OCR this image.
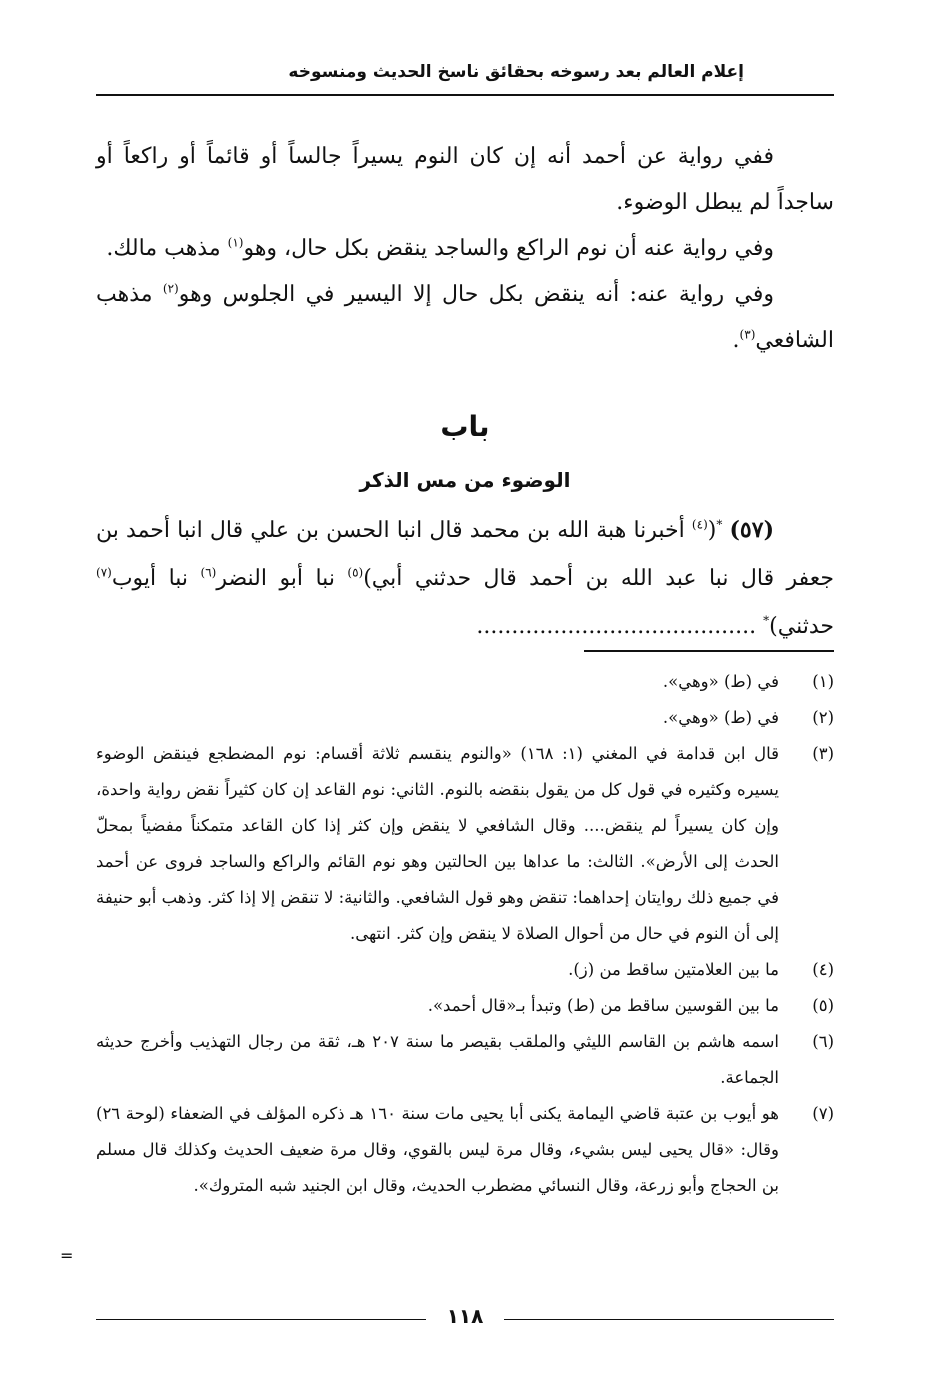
إعلام العالم بعد رسوخه بحقائق ناسخ الحديث ومنسوخه

ففي رواية عن أحمد أنه إن كان النوم يسيراً جالساً أو قائماً أو راكعاً أو ساجداً لم يبطل الوضوء.

وفي رواية عنه أن نوم الراكع والساجد ينقض بكل حال، وهو$^{(١)}$ مذهب مالك.

وفي رواية عنه: أنه ينقض بكل حال إلا اليسير في الجلوس وهو$^{(٢)}$ مذهب الشافعي$^{(٣)}$.

باب
الوضوء من مس الذكر

(٥٧) *($^{(٤)}$ أخبرنا هبة الله بن محمد قال انبا الحسن بن علي قال انبا أحمد بن جعفر قال نبا عبد الله بن أحمد قال حدثني أبي)$^{(٥)}$ نبا أبو النضر$^{(٦)}$ نبا أيوب$^{(٧)}$ حدثني)* ........................................

(١)
في (ط) «وهي».
(٢)
في (ط) «وهي».
(٣)
قال ابن قدامة في المغني (١: ١٦٨) «والنوم ينقسم ثلاثة أقسام: نوم المضطجع فينقض الوضوء يسيره وكثيره في قول كل من يقول بنقضه بالنوم. الثاني: نوم القاعد إن كان كثيراً نقض رواية واحدة، وإن كان يسيراً لم ينقض.... وقال الشافعي لا ينقض وإن كثر إذا كان القاعد متمكناً مفضياً بمحلّ الحدث إلى الأرض». الثالث: ما عداها بين الحالتين وهو نوم القائم والراكع والساجد فروى عن أحمد في جميع ذلك روايتان إحداهما: تنقض وهو قول الشافعي. والثانية: لا تنقض إلا إذا كثر. وذهب أبو حنيفة إلى أن النوم في حال من أحوال الصلاة لا ينقض وإن كثر. انتهى.
(٤)
ما بين العلامتين ساقط من (ز).
(٥)
ما بين القوسين ساقط من (ط) وتبدأ بـ«قال أحمد».
(٦)
اسمه هاشم بن القاسم الليثي والملقب بقيصر ما سنة ٢٠٧ هـ، ثقة من رجال التهذيب وأخرج حديثه الجماعة.
(٧)
هو أيوب بن عتبة قاضي اليمامة يكنى أبا يحيى مات سنة ١٦٠ هـ ذكره المؤلف في الضعفاء (لوحة ٢٦) وقال: «قال يحيى ليس بشيء، وقال مرة ليس بالقوي، وقال مرة ضعيف الحديث وكذلك قال مسلم بن الحجاج وأبو زرعة، وقال النسائي مضطرب الحديث، وقال ابن الجنيد شبه المتروك».
١١٨
=
